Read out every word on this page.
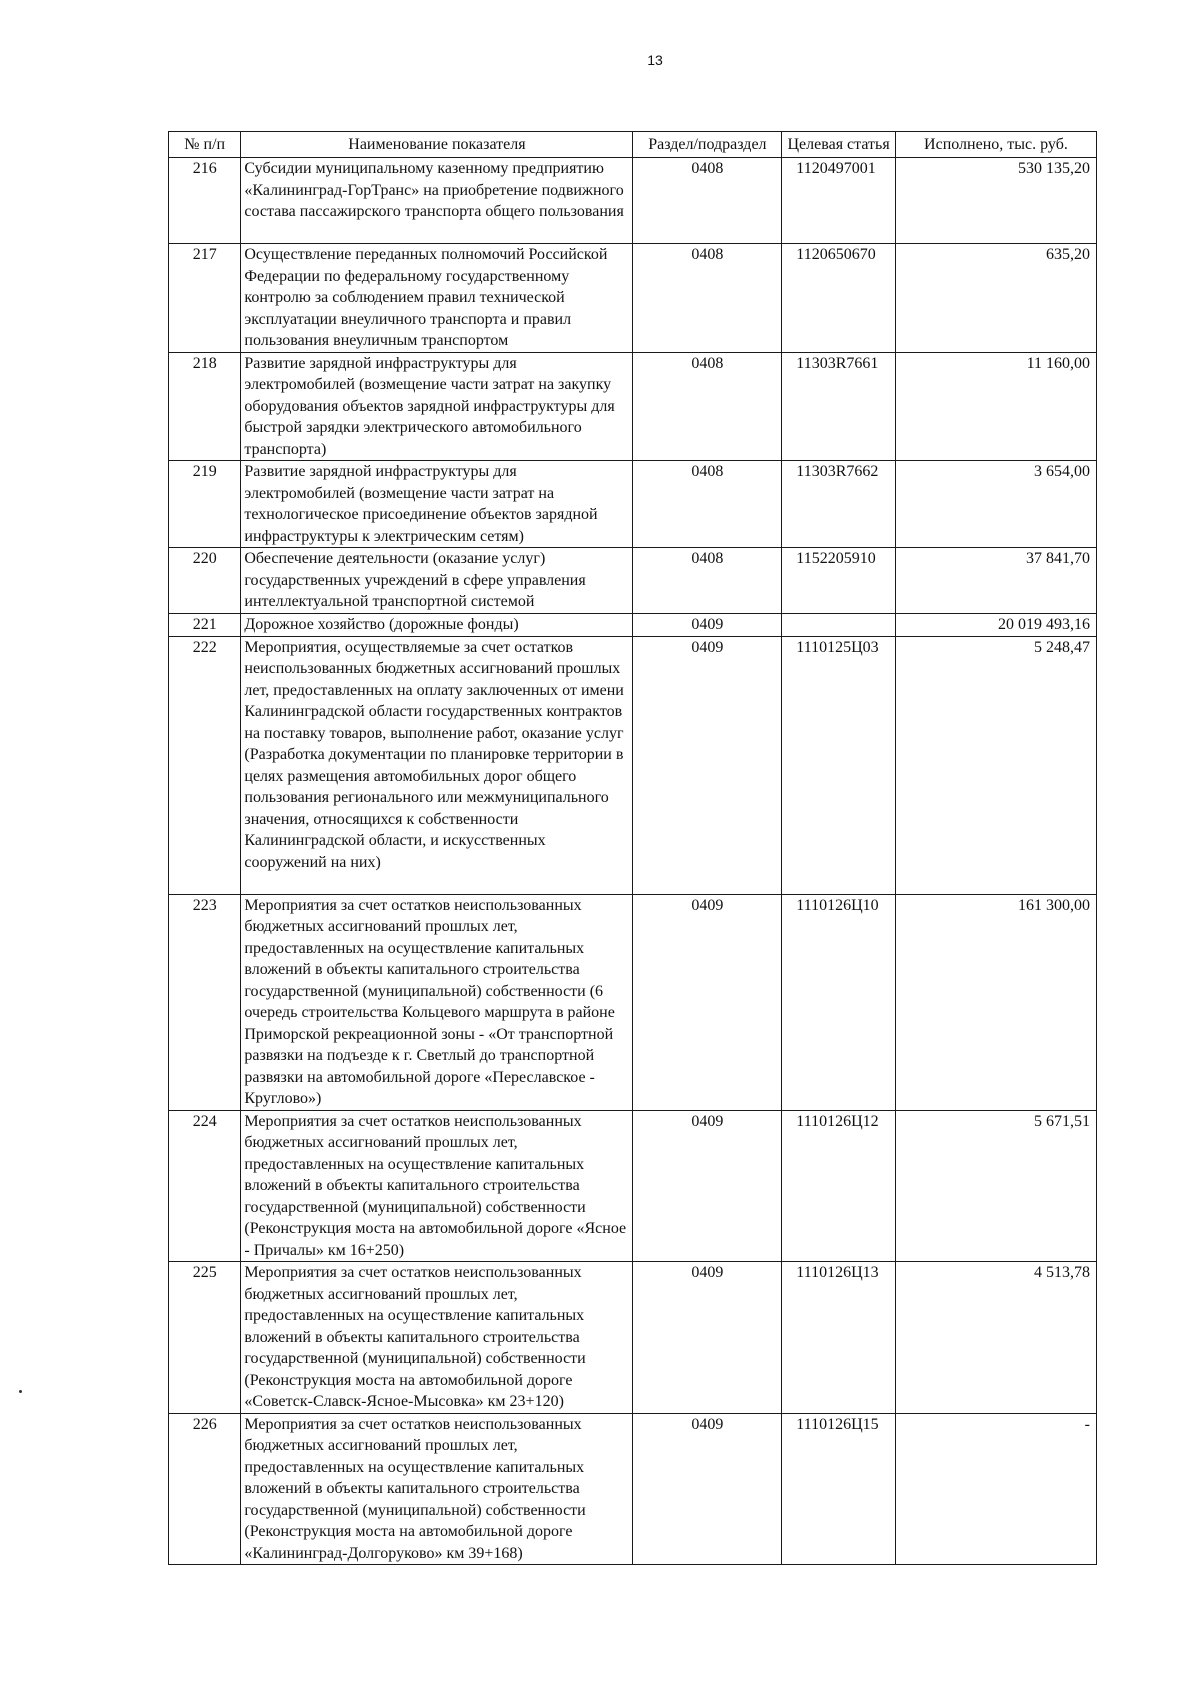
13
№ п/п	Наименование показателя	Раздел/подраздел	Целевая статья	Исполнено, тыс. руб.
216	Субсидии муниципальному казенному предприятию «Калининград-ГорТранс» на приобретение подвижного состава пассажирского транспорта общего пользования	0408	1120497001	530 135,20
217	Осуществление переданных полномочий Российской Федерации по федеральному государственному контролю за соблюдением правил технической эксплуатации внеуличного транспорта и правил пользования внеуличным транспортом	0408	1120650670	635,20
218	Развитие зарядной инфраструктуры для электромобилей (возмещение части затрат на закупку оборудования объектов зарядной инфраструктуры для быстрой зарядки электрического автомобильного транспорта)	0408	11303R7661	11 160,00
219	Развитие зарядной инфраструктуры для электромобилей (возмещение части затрат на технологическое присоединение объектов зарядной инфраструктуры к электрическим сетям)	0408	11303R7662	3 654,00
220	Обеспечение деятельности (оказание услуг) государственных учреждений в сфере управления интеллектуальной транспортной системой	0408	1152205910	37 841,70
221	Дорожное хозяйство (дорожные фонды)	0409		20 019 493,16
222	Мероприятия, осуществляемые за счет остатков неиспользованных бюджетных ассигнований прошлых лет, предоставленных на оплату заключенных от имени Калининградской области государственных контрактов на поставку товаров, выполнение работ, оказание услуг (Разработка документации по планировке территории в целях размещения автомобильных дорог общего пользования регионального или межмуниципального значения, относящихся к собственности Калининградской области, и искусственных сооружений на них)	0409	1110125Ц03	5 248,47
223	Мероприятия за счет остатков неиспользованных бюджетных ассигнований прошлых лет, предоставленных на осуществление капитальных вложений в объекты капитального строительства государственной (муниципальной) собственности (6 очередь строительства Кольцевого маршрута в районе Приморской рекреационной зоны - «От транспортной развязки на подъезде к г. Светлый до транспортной развязки на автомобильной дороге «Переславское - Круглово»)	0409	1110126Ц10	161 300,00
224	Мероприятия за счет остатков неиспользованных бюджетных ассигнований прошлых лет, предоставленных на осуществление капитальных вложений в объекты капитального строительства государственной (муниципальной) собственности (Реконструкция моста на автомобильной дороге «Ясное - Причалы» км 16+250)	0409	1110126Ц12	5 671,51
225	Мероприятия за счет остатков неиспользованных бюджетных ассигнований прошлых лет, предоставленных на осуществление капитальных вложений в объекты капитального строительства государственной (муниципальной) собственности (Реконструкция моста на автомобильной дороге «Советск-Славск-Ясное-Мысовка» км 23+120)	0409	1110126Ц13	4 513,78
226	Мероприятия за счет остатков неиспользованных бюджетных ассигнований прошлых лет, предоставленных на осуществление капитальных вложений в объекты капитального строительства государственной (муниципальной) собственности (Реконструкция моста на автомобильной дороге «Калининград-Долгоруково» км 39+168)	0409	1110126Ц15	-
